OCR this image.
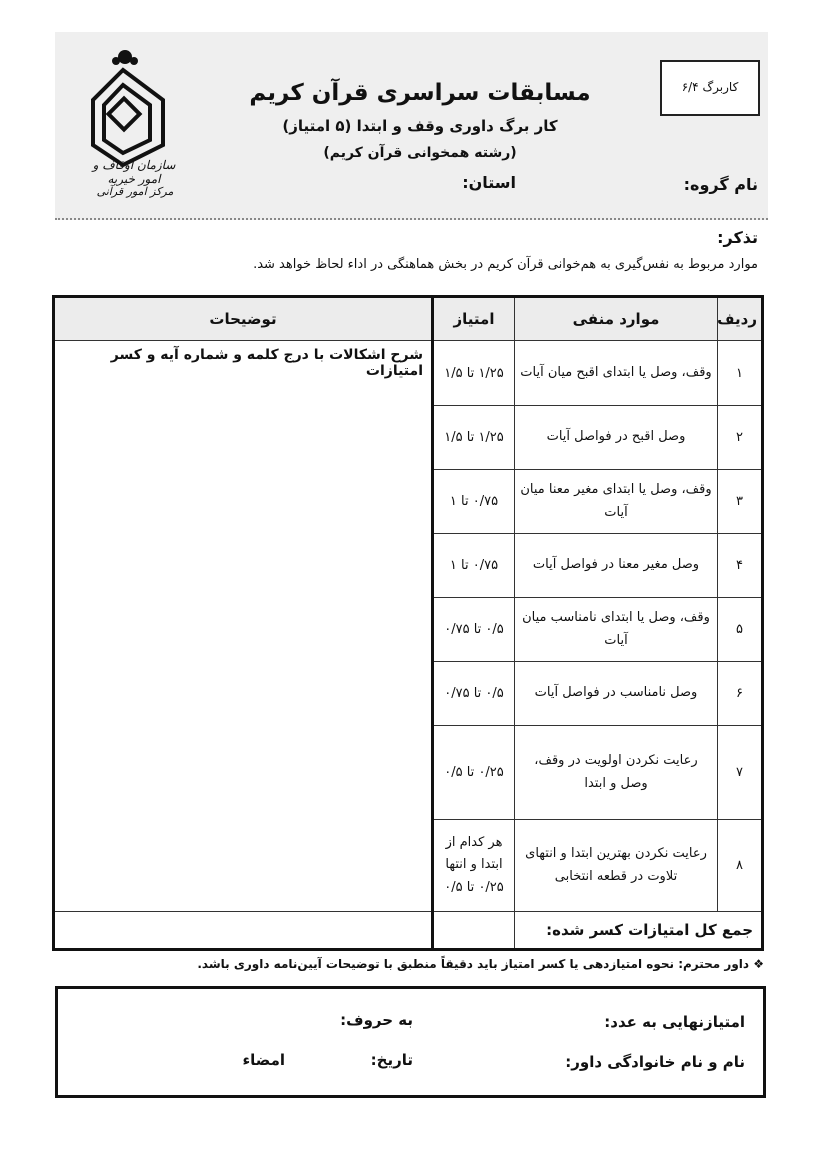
کاربرگ ۶/۴
مسابقات سراسری قرآن کریم
کار برگ داوری وقف و ابتدا (۵ امتیاز)
(رشته همخوانی قرآن کریم)
نام گروه:
استان:
سازمان اوقاف و امور خیریه
مرکز امور قرآنی
تذکر:
موارد مربوط به نفس‌گیری به هم‌خوانی قرآن کریم در بخش هماهنگی در اداء لحاظ خواهد شد.
ردیف	موارد منفی	امتیاز	توضیحات
۱	وقف، وصل یا ابتدای اقبح میان آیات	۱/۲۵ تا ۱/۵	شرح اشکالات با درج کلمه و شماره آیه و کسر امتیازات
۲	وصل اقبح در فواصل آیات	۱/۲۵ تا ۱/۵	
۳	وقف، وصل یا ابتدای مغیر معنا میان آیات	۰/۷۵ تا ۱	
۴	وصل مغیر معنا در فواصل آیات	۰/۷۵ تا ۱	
۵	وقف، وصل یا ابتدای نامناسب میان آیات	۰/۵ تا ۰/۷۵	
۶	وصل نامناسب در فواصل آیات	۰/۵ تا ۰/۷۵	
۷	رعایت نکردن اولویت در وقف، وصل و ابتدا	۰/۲۵ تا ۰/۵	
۸	رعایت نکردن بهترین ابتدا و انتهای تلاوت در قطعه انتخابی	هر کدام از ابتدا و انتها ۰/۲۵ تا ۰/۵	
جمع کل امتیازات کسر شده:			
❖ داور محترم: نحوه امتیازدهی یا کسر امتیاز باید دقیقاً منطبق با توضیحات آیین‌نامه داوری باشد.
امتیازنهایی به عدد:
به حروف:
نام و نام خانوادگی داور:
تاریخ:
امضاء
